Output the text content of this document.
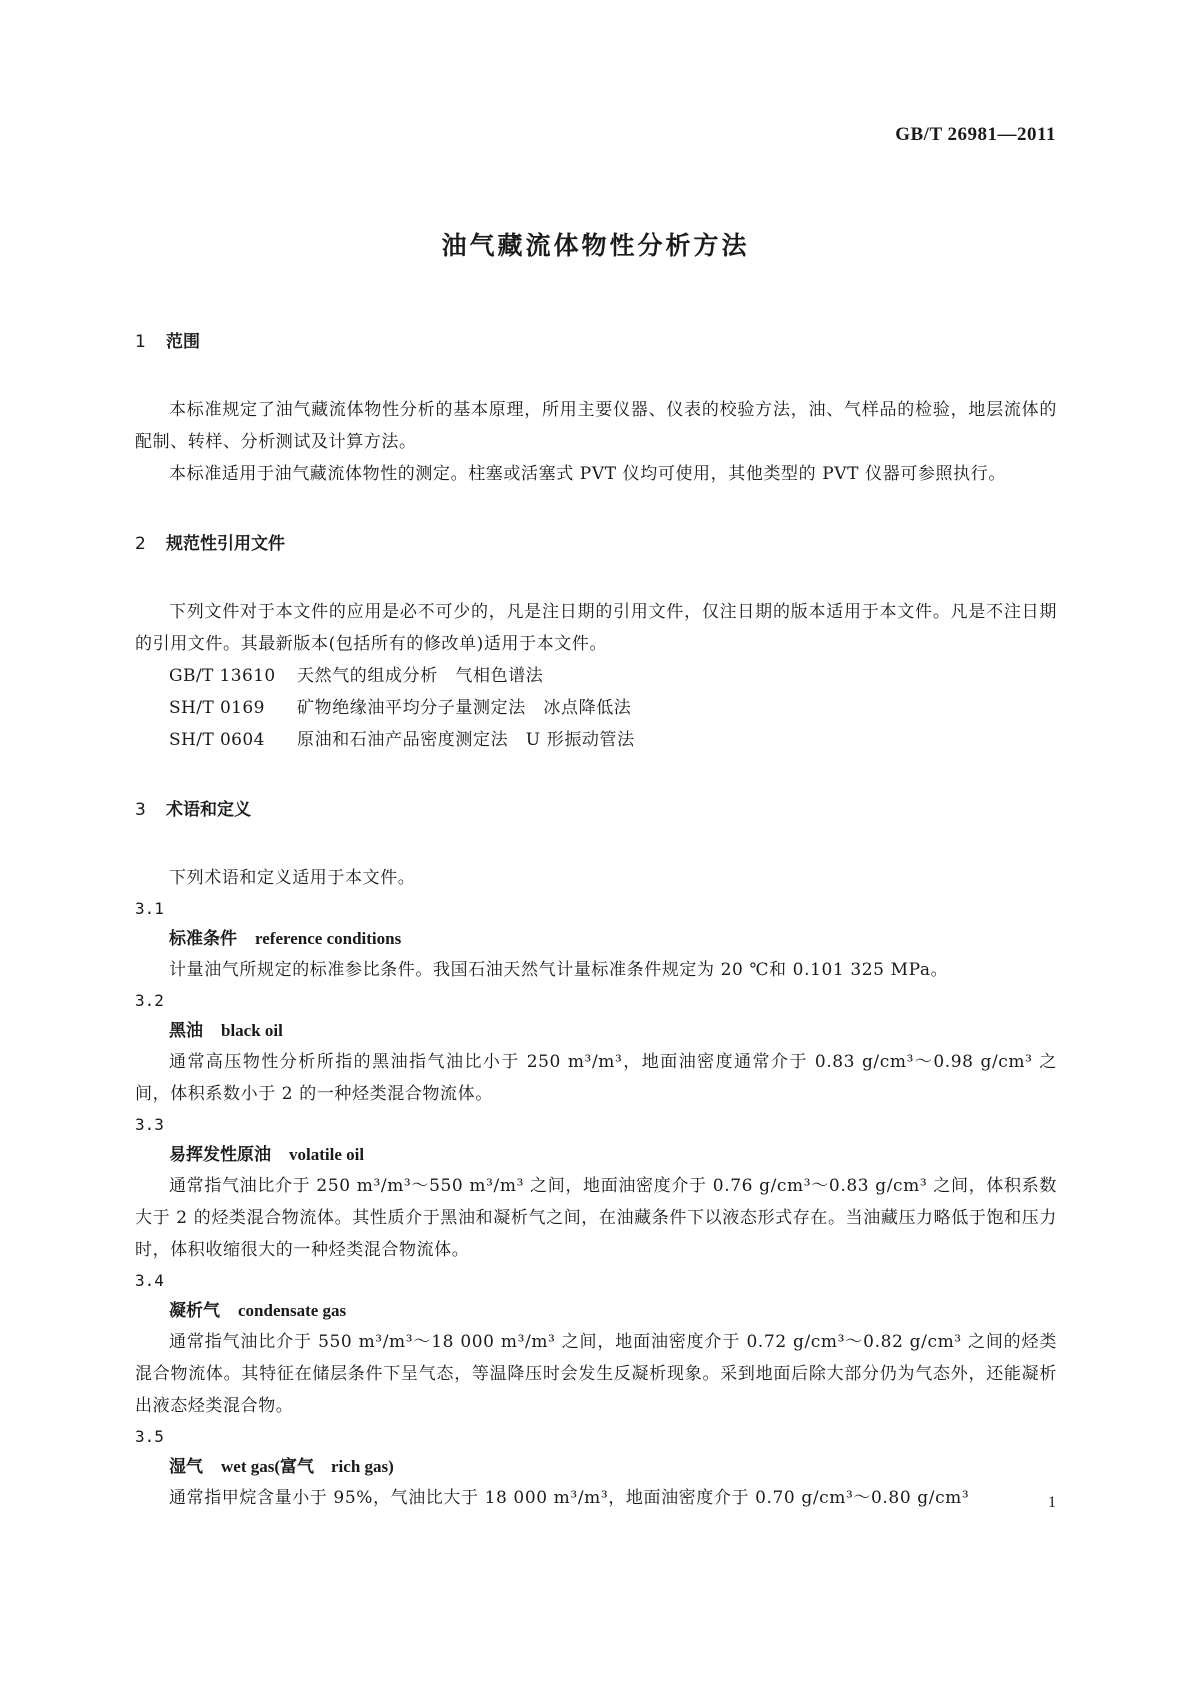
GB/T 26981—2011
油气藏流体物性分析方法

1 范围

本标准规定了油气藏流体物性分析的基本原理，所用主要仪器、仪表的校验方法，油、气样品的检验，地层流体的配制、转样、分析测试及计算方法。

本标准适用于油气藏流体物性的测定。柱塞或活塞式 PVT 仪均可使用，其他类型的 PVT 仪器可参照执行。

2 规范性引用文件

下列文件对于本文件的应用是必不可少的，凡是注日期的引用文件，仅注日期的版本适用于本文件。凡是不注日期的引用文件。其最新版本(包括所有的修改单)适用于本文件。

GB/T 13610 天然气的组成分析　气相色谱法

SH/T 0169 矿物绝缘油平均分子量测定法　冰点降低法

SH/T 0604 原油和石油产品密度测定法　U 形振动管法

3 术语和定义

下列术语和定义适用于本文件。

3.1

标准条件 reference conditions

计量油气所规定的标准参比条件。我国石油天然气计量标准条件规定为 20 ℃和 0.101 325 MPa。

3.2

黑油 black oil

通常高压物性分析所指的黑油指气油比小于 250 m³/m³，地面油密度通常介于 0.83 g/cm³～0.98 g/cm³ 之间，体积系数小于 2 的一种烃类混合物流体。

3.3

易挥发性原油 volatile oil

通常指气油比介于 250 m³/m³～550 m³/m³ 之间，地面油密度介于 0.76 g/cm³～0.83 g/cm³ 之间，体积系数大于 2 的烃类混合物流体。其性质介于黑油和凝析气之间，在油藏条件下以液态形式存在。当油藏压力略低于饱和压力时，体积收缩很大的一种烃类混合物流体。

3.4

凝析气 condensate gas

通常指气油比介于 550 m³/m³～18 000 m³/m³ 之间，地面油密度介于 0.72 g/cm³～0.82 g/cm³ 之间的烃类混合物流体。其特征在储层条件下呈气态，等温降压时会发生反凝析现象。采到地面后除大部分仍为气态外，还能凝析出液态烃类混合物。

3.5

湿气 wet gas(富气　rich gas)

通常指甲烷含量小于 95%，气油比大于 18 000 m³/m³，地面油密度介于 0.70 g/cm³～0.80 g/cm³	1
